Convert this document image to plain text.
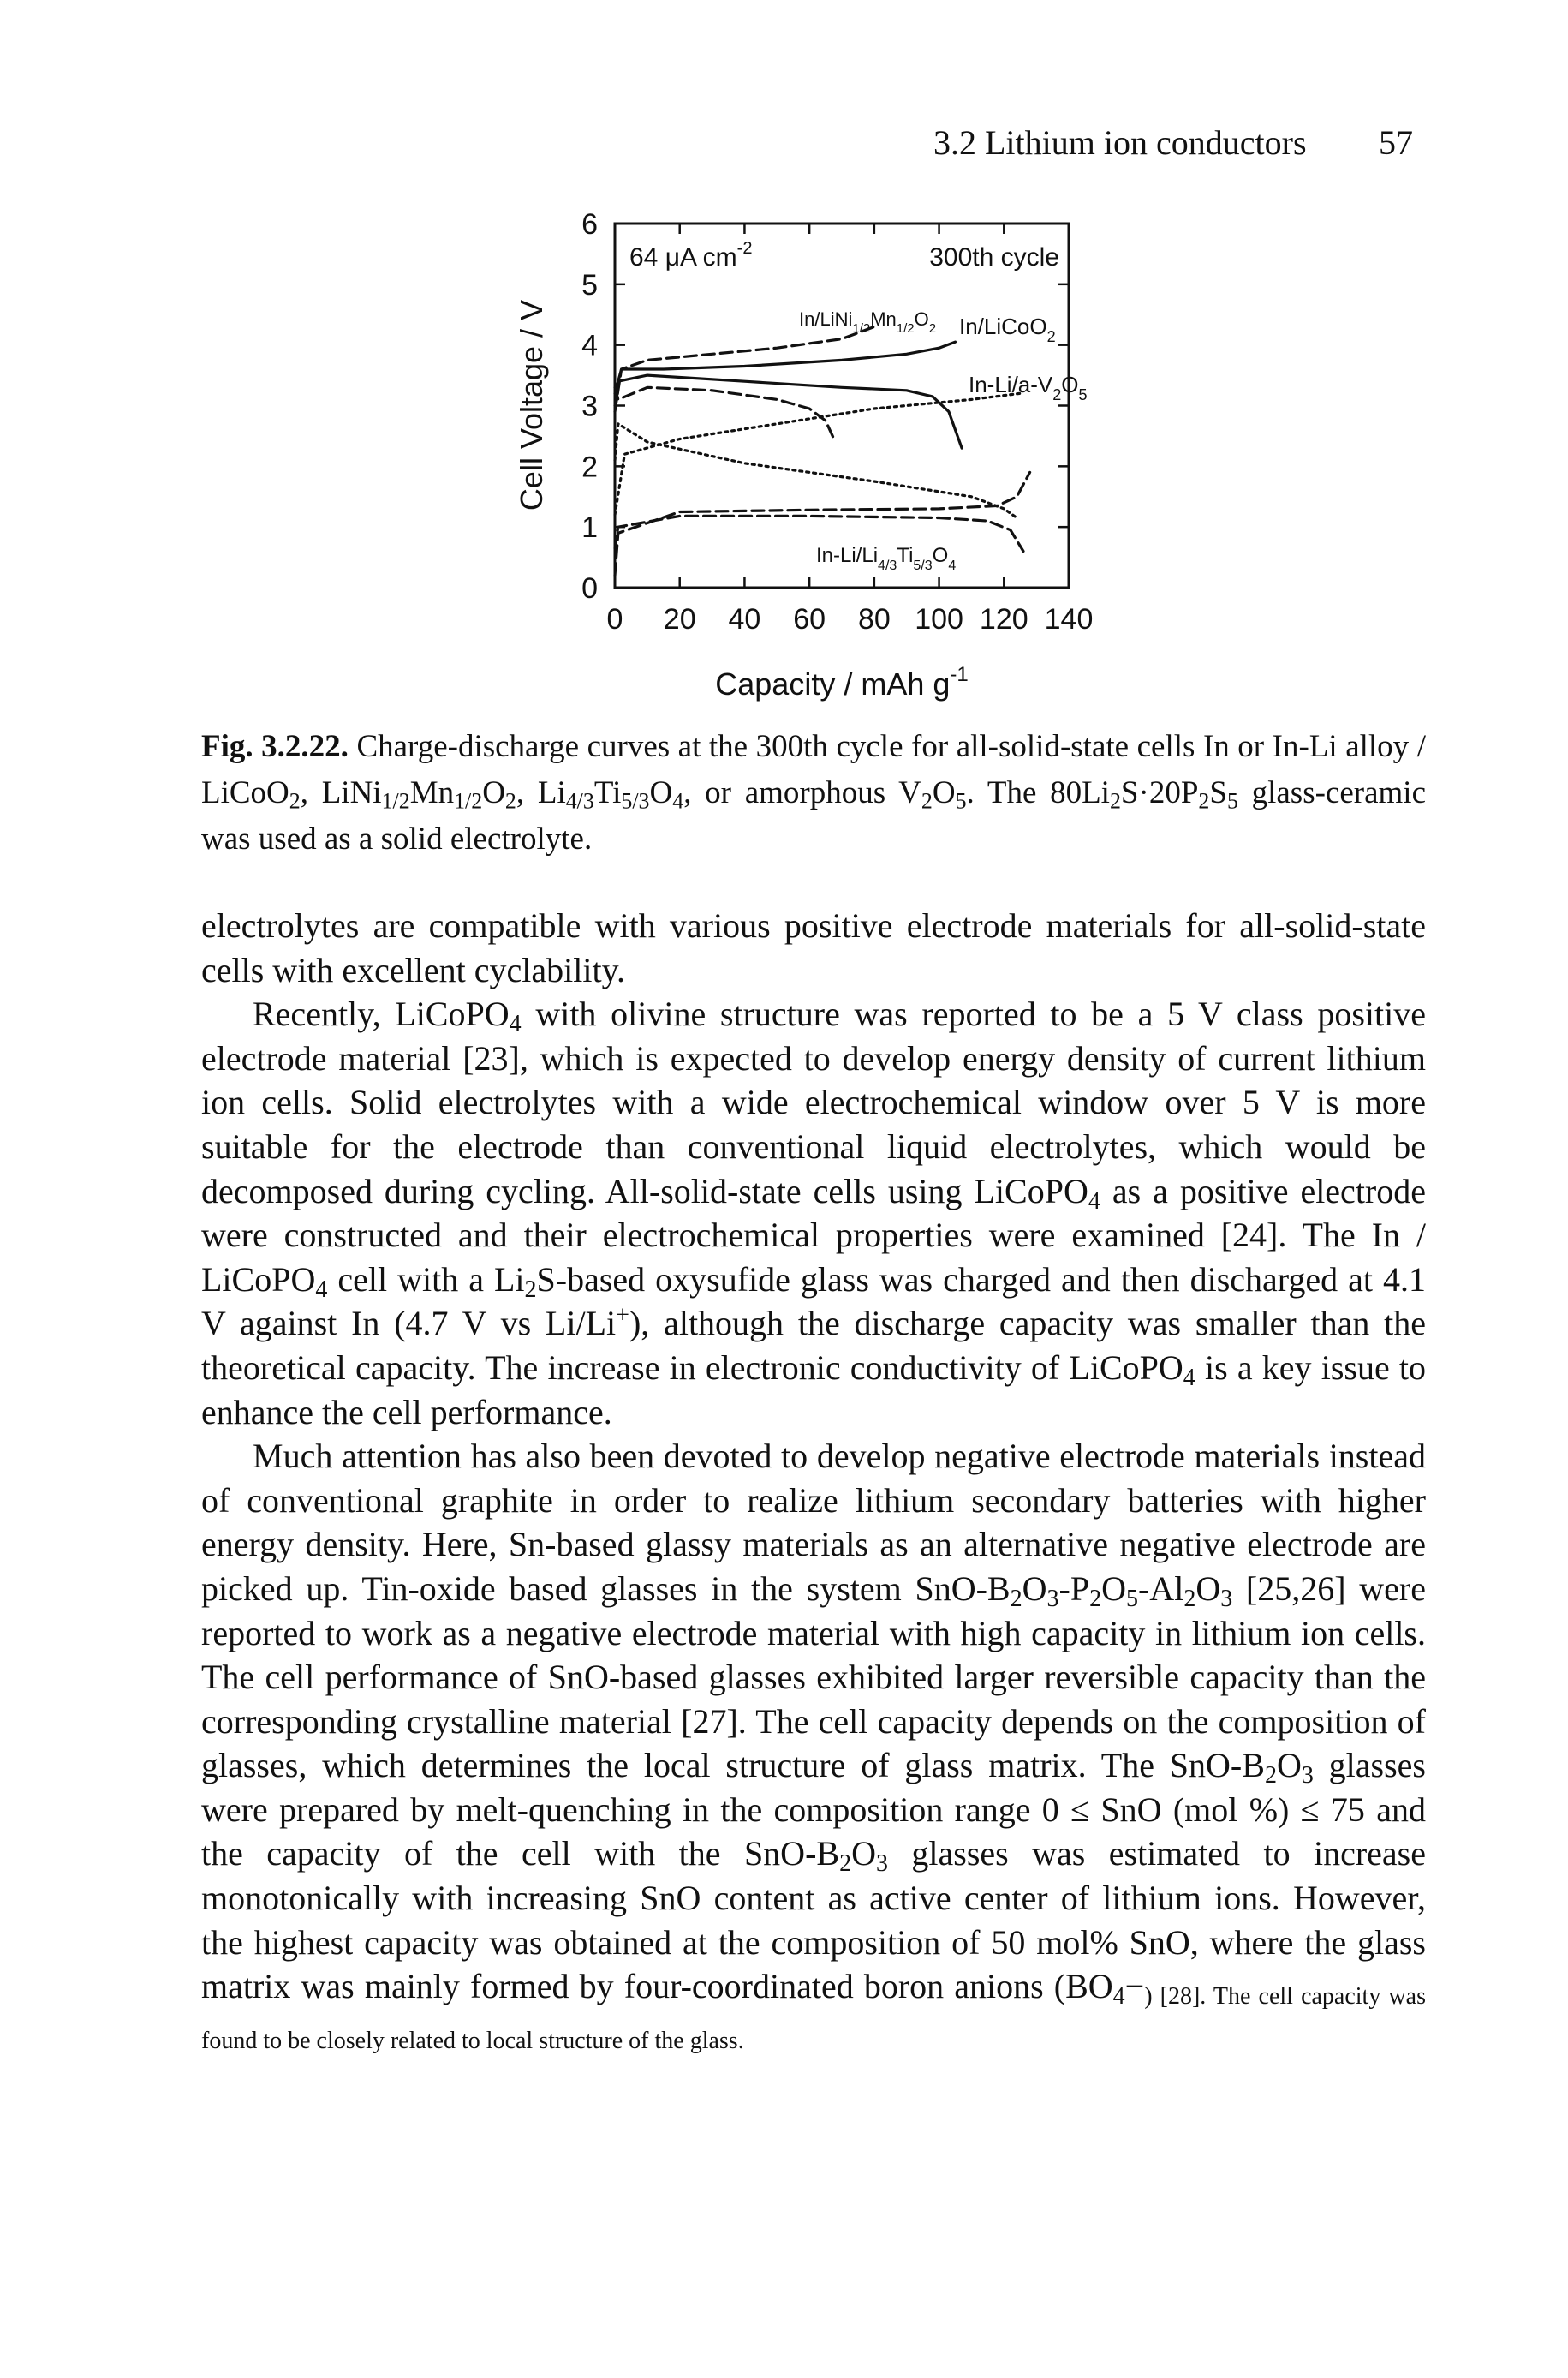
3.2 Lithium ion conductors 57
0 20 40 60 80 100 120 140
0
1
2
3
4
5
6
Cell Voltage / V
Capacity / mAh $g^{-1}$
64 μA $cm^{-2}$	300th cycle
$In/LiNi_{1/2}Mn_{1/2}O_2$ In/LiCoO$_2$
$In-Li/a-V_2O_5$
$In-Li/Li_{4/3}Ti_{5/3}O_4$
Fig. 3.2.22. Charge-discharge curves at the 300th cycle for all-solid-state cells In or In-Li alloy / LiCoO$_2$, $LiNi_{1/2}Mn_{1/2}O_2$, $Li_{4/3}Ti_{5/3}O_4$, or amorphous $V_2O_5$. The $80Li_2S\cdot 20P_2S_5$ glass-ceramic was used as a solid electrolyte.

electrolytes are compatible with various positive electrode materials for all-solid-state cells with excellent cyclability.

Recently, LiCoPO$_4$ with olivine structure was reported to be a 5 V class positive electrode material [23], which is expected to develop energy density of current lithium ion cells. Solid electrolytes with a wide electrochemical window over 5 V is more suitable for the electrode than conventional liquid electrolytes, which would be decomposed during cycling. All-solid-state cells using LiCoPO$_4$ as a positive electrode were constructed and their electrochemical properties were examined [24]. The In / LiCoPO$_4$ cell with a $Li_2S$-based oxysufide glass was charged and then discharged at 4.1 V against In (4.7 V vs Li/Li+), although the discharge capacity was smaller than the theoretical capacity. The increase in electronic conductivity of LiCoPO$_4$ is a key issue to enhance the cell performance.

Much attention has also been devoted to develop negative electrode materials instead of conventional graphite in order to realize lithium secondary batteries with higher energy density. Here, Sn-based glassy materials as an alternative negative electrode are picked up. Tin-oxide based glasses in the system SnO-$B_2O_3-P_2O_5-Al_2O_3$ [25,26] were reported to work as a negative electrode material with high capacity in lithium ion cells. The cell performance of SnO-based glasses exhibited larger reversible capacity than the corresponding crystalline material [27]. The cell capacity depends on the composition of glasses, which determines the local structure of glass matrix. The SnO-$B_2O_3$ glasses were prepared by melt-quenching in the composition range 0 ≤ SnO (mol %) ≤ 75 and the capacity of the cell with the SnO-$B_2O_3$ glasses was estimated to increase monotonically with increasing SnO content as active center of lithium ions. However, the highest capacity was obtained at the composition of 50 mol% SnO, where the glass matrix was mainly formed by four-coordinated boron anions ($BO_4-_{) [28]. The cell capacity was found to be closely related to local structure of the glass.}$
